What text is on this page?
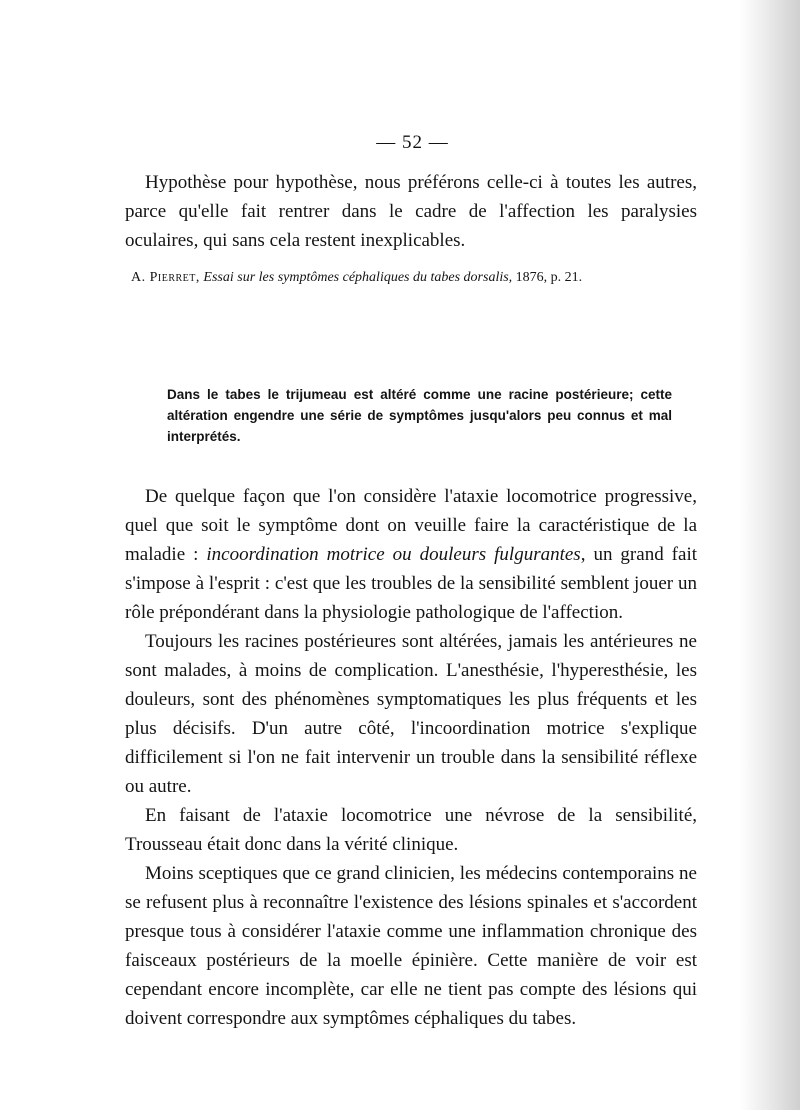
— 52 —

Hypothèse pour hypothèse, nous préférons celle-ci à toutes les autres, parce qu'elle fait rentrer dans le cadre de l'affection les paralysies oculaires, qui sans cela restent inexplicables.

A. Pierret, Essai sur les symptômes céphaliques du tabes dorsalis, 1876, p. 21.

Dans le tabes le trijumeau est altéré comme une racine postérieure; cette altération engendre une série de symptômes jusqu'alors peu connus et mal interprétés.

De quelque façon que l'on considère l'ataxie locomotrice progressive, quel que soit le symptôme dont on veuille faire la caractéristique de la maladie : incoordination motrice ou douleurs fulgurantes, un grand fait s'impose à l'esprit : c'est que les troubles de la sensibilité semblent jouer un rôle prépondérant dans la physiologie pathologique de l'affection.

Toujours les racines postérieures sont altérées, jamais les antérieures ne sont malades, à moins de complication. L'anesthésie, l'hyperesthésie, les douleurs, sont des phénomènes symptomatiques les plus fréquents et les plus décisifs. D'un autre côté, l'incoordination motrice s'explique difficilement si l'on ne fait intervenir un trouble dans la sensibilité réflexe ou autre.

En faisant de l'ataxie locomotrice une névrose de la sensibilité, Trousseau était donc dans la vérité clinique.

Moins sceptiques que ce grand clinicien, les médecins contemporains ne se refusent plus à reconnaître l'existence des lésions spinales et s'accordent presque tous à considérer l'ataxie comme une inflammation chronique des faisceaux postérieurs de la moelle épinière. Cette manière de voir est cependant encore incomplète, car elle ne tient pas compte des lésions qui doivent correspondre aux symptômes céphaliques du tabes.
